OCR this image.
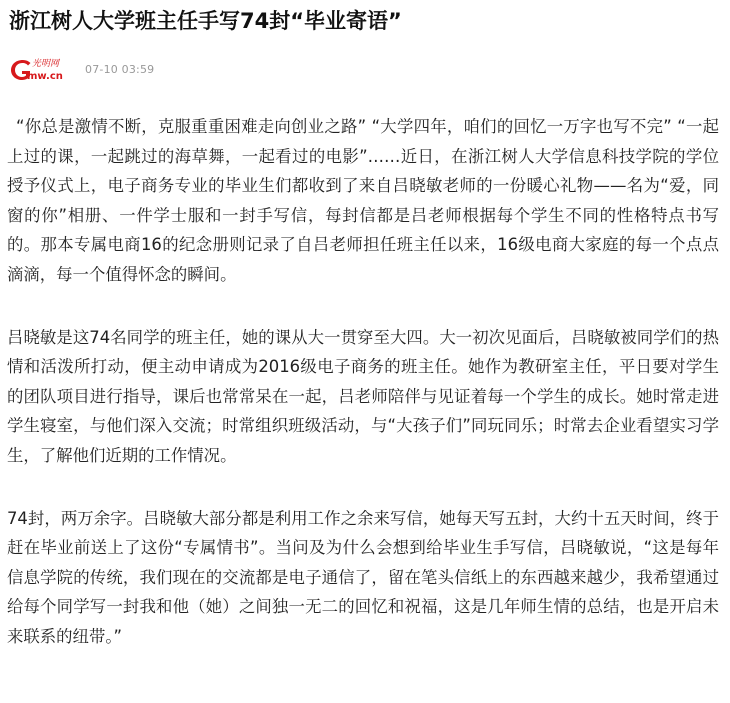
浙江树人大学班主任手写74封“毕业寄语”
光明网
mw.cn
07-10 03:59

“你总是激情不断，克服重重困难走向创业之路” “大学四年，咱们的回忆一万字也写不完” “一起上过的课，一起跳过的海草舞，一起看过的电影”……近日，在浙江树人大学信息科技学院的学位授予仪式上，电子商务专业的毕业生们都收到了来自吕晓敏老师的一份暖心礼物——名为“爱，同窗的你”相册、一件学士服和一封手写信，每封信都是吕老师根据每个学生不同的性格特点书写的。那本专属电商16的纪念册则记录了自吕老师担任班主任以来，16级电商大家庭的每一个点点滴滴，每一个值得怀念的瞬间。

吕晓敏是这74名同学的班主任，她的课从大一贯穿至大四。大一初次见面后，吕晓敏被同学们的热情和活泼所打动，便主动申请成为2016级电子商务的班主任。她作为教研室主任，平日要对学生的团队项目进行指导，课后也常常呆在一起，吕老师陪伴与见证着每一个学生的成长。她时常走进学生寝室，与他们深入交流；时常组织班级活动，与“大孩子们”同玩同乐；时常去企业看望实习学生，了解他们近期的工作情况。

74封，两万余字。吕晓敏大部分都是利用工作之余来写信，她每天写五封，大约十五天时间，终于赶在毕业前送上了这份“专属情书”。当问及为什么会想到给毕业生手写信，吕晓敏说，“这是每年信息学院的传统，我们现在的交流都是电子通信了，留在笔头信纸上的东西越来越少，我希望通过给每个同学写一封我和他（她）之间独一无二的回忆和祝福，这是几年师生情的总结，也是开启未来联系的纽带。”
